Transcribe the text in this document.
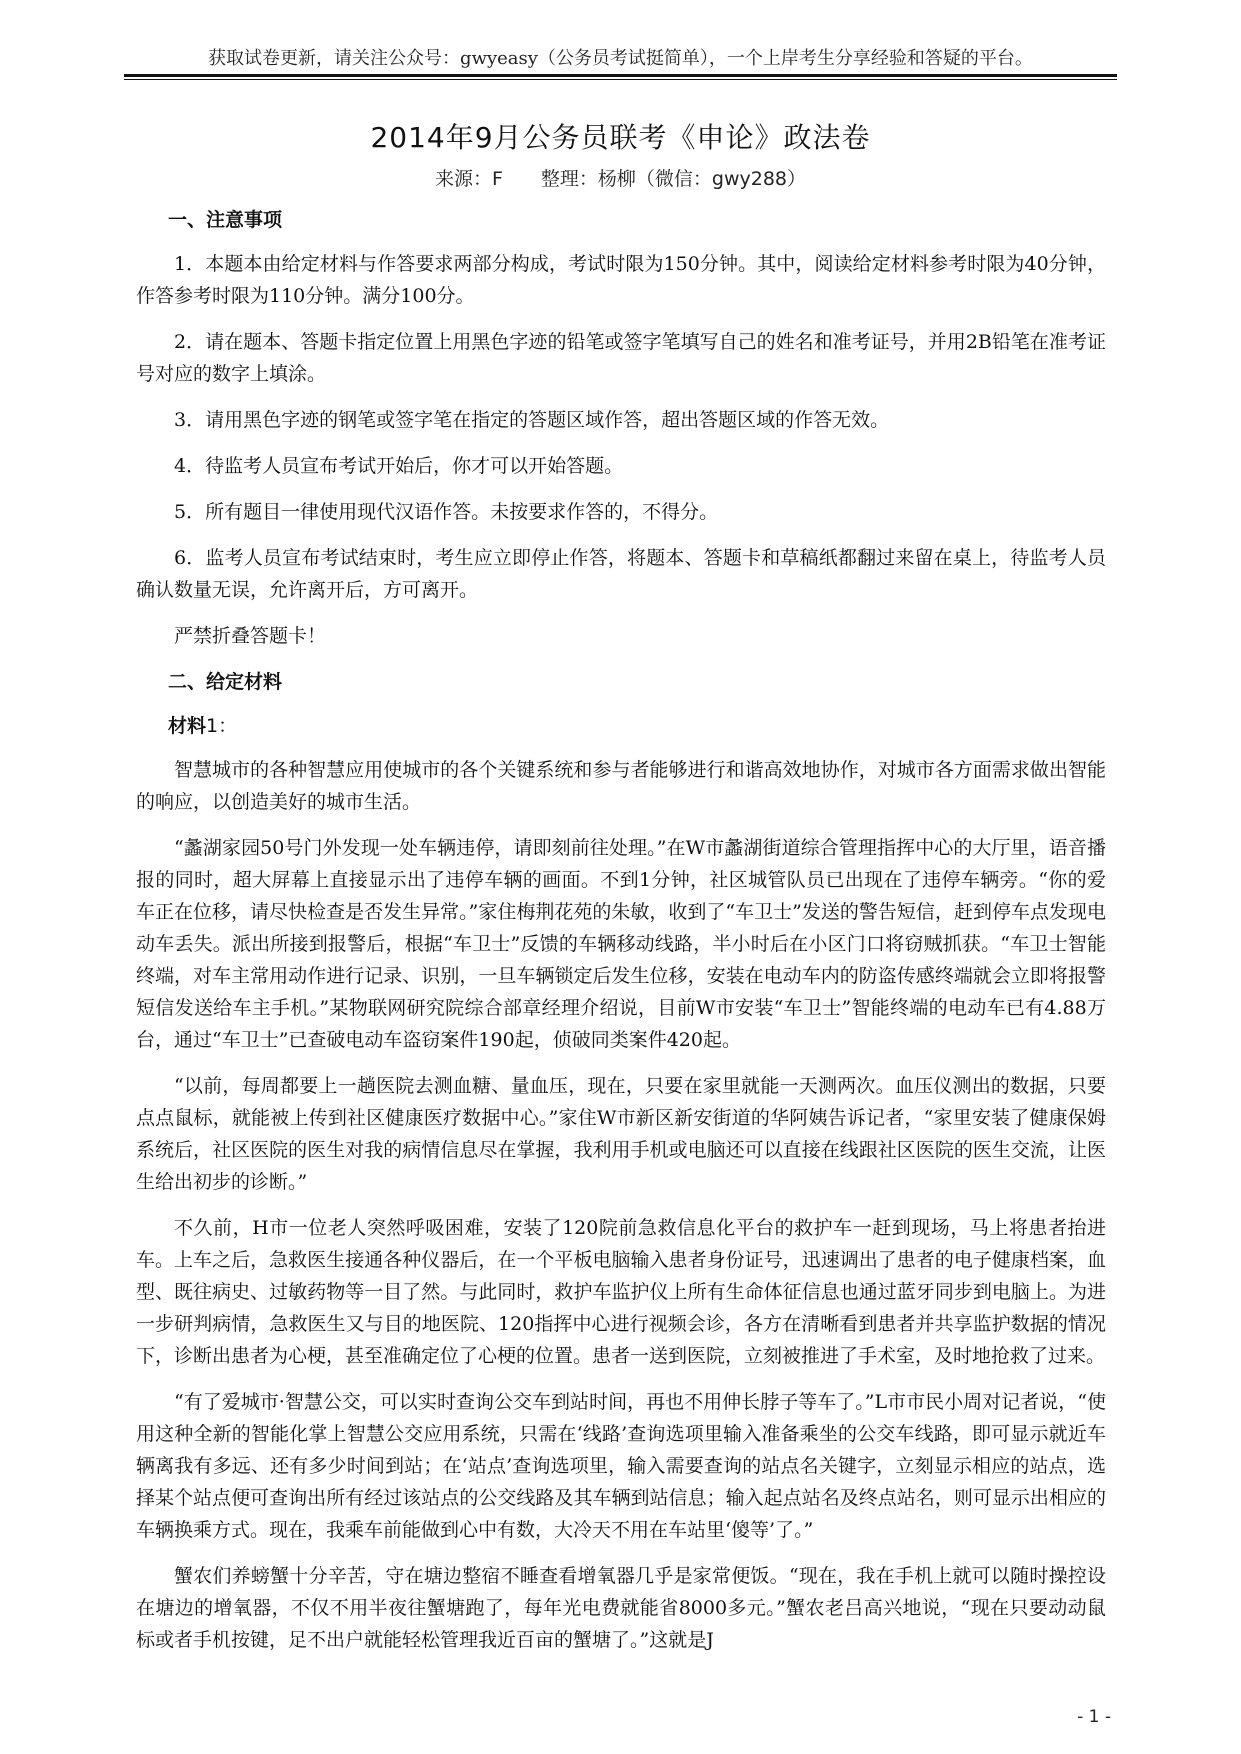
获取试卷更新，请关注公众号：gwyeasy（公务员考试挺简单），一个上岸考生分享经验和答疑的平台。
2014年9月公务员联考《申论》政法卷
来源：F　　整理：杨柳（微信：gwy288）
一、注意事项

1．本题本由给定材料与作答要求两部分构成，考试时限为150分钟。其中，阅读给定材料参考时限为40分钟，作答参考时限为110分钟。满分100分。

2．请在题本、答题卡指定位置上用黑色字迹的铅笔或签字笔填写自己的姓名和准考证号，并用2B铅笔在准考证号对应的数字上填涂。

3．请用黑色字迹的钢笔或签字笔在指定的答题区域作答，超出答题区域的作答无效。

4．待监考人员宣布考试开始后，你才可以开始答题。

5．所有题目一律使用现代汉语作答。未按要求作答的，不得分。

6．监考人员宣布考试结束时，考生应立即停止作答，将题本、答题卡和草稿纸都翻过来留在桌上，待监考人员确认数量无误，允许离开后，方可离开。

严禁折叠答题卡！

二、给定材料
材料1：

智慧城市的各种智慧应用使城市的各个关键系统和参与者能够进行和谐高效地协作，对城市各方面需求做出智能的响应，以创造美好的城市生活。

“蠡湖家园50号门外发现一处车辆违停，请即刻前往处理。”在W市蠡湖街道综合管理指挥中心的大厅里，语音播报的同时，超大屏幕上直接显示出了违停车辆的画面。不到1分钟，社区城管队员已出现在了违停车辆旁。“你的爱车正在位移，请尽快检查是否发生异常。”家住梅荆花苑的朱敏，收到了“车卫士”发送的警告短信，赶到停车点发现电动车丢失。派出所接到报警后，根据“车卫士”反馈的车辆移动线路，半小时后在小区门口将窃贼抓获。“车卫士智能终端，对车主常用动作进行记录、识别，一旦车辆锁定后发生位移，安装在电动车内的防盗传感终端就会立即将报警短信发送给车主手机。”某物联网研究院综合部章经理介绍说，目前W市安装“车卫士”智能终端的电动车已有4.88万台，通过“车卫士”已查破电动车盗窃案件190起，侦破同类案件420起。

“以前，每周都要上一趟医院去测血糖、量血压，现在，只要在家里就能一天测两次。血压仪测出的数据，只要点点鼠标，就能被上传到社区健康医疗数据中心。”家住W市新区新安街道的华阿姨告诉记者，“家里安装了健康保姆系统后，社区医院的医生对我的病情信息尽在掌握，我利用手机或电脑还可以直接在线跟社区医院的医生交流，让医生给出初步的诊断。”

不久前，H市一位老人突然呼吸困难，安装了120院前急救信息化平台的救护车一赶到现场，马上将患者抬进车。上车之后，急救医生接通各种仪器后，在一个平板电脑输入患者身份证号，迅速调出了患者的电子健康档案，血型、既往病史、过敏药物等一目了然。与此同时，救护车监护仪上所有生命体征信息也通过蓝牙同步到电脑上。为进一步研判病情，急救医生又与目的地医院、120指挥中心进行视频会诊，各方在清晰看到患者并共享监护数据的情况下，诊断出患者为心梗，甚至准确定位了心梗的位置。患者一送到医院，立刻被推进了手术室，及时地抢救了过来。

“有了爱城市·智慧公交，可以实时查询公交车到站时间，再也不用伸长脖子等车了。”L市市民小周对记者说，“使用这种全新的智能化掌上智慧公交应用系统，只需在‘线路’查询选项里输入准备乘坐的公交车线路，即可显示就近车辆离我有多远、还有多少时间到站；在‘站点’查询选项里，输入需要查询的站点名关键字，立刻显示相应的站点，选择某个站点便可查询出所有经过该站点的公交线路及其车辆到站信息；输入起点站名及终点站名，则可显示出相应的车辆换乘方式。现在，我乘车前能做到心中有数，大冷天不用在车站里‘傻等’了。”

蟹农们养螃蟹十分辛苦，守在塘边整宿不睡查看增氧器几乎是家常便饭。“现在，我在手机上就可以随时操控设在塘边的增氧器，不仅不用半夜往蟹塘跑了，每年光电费就能省8000多元。”蟹农老吕高兴地说，“现在只要动动鼠标或者手机按键，足不出户就能轻松管理我近百亩的蟹塘了。”这就是J

- 1 -
